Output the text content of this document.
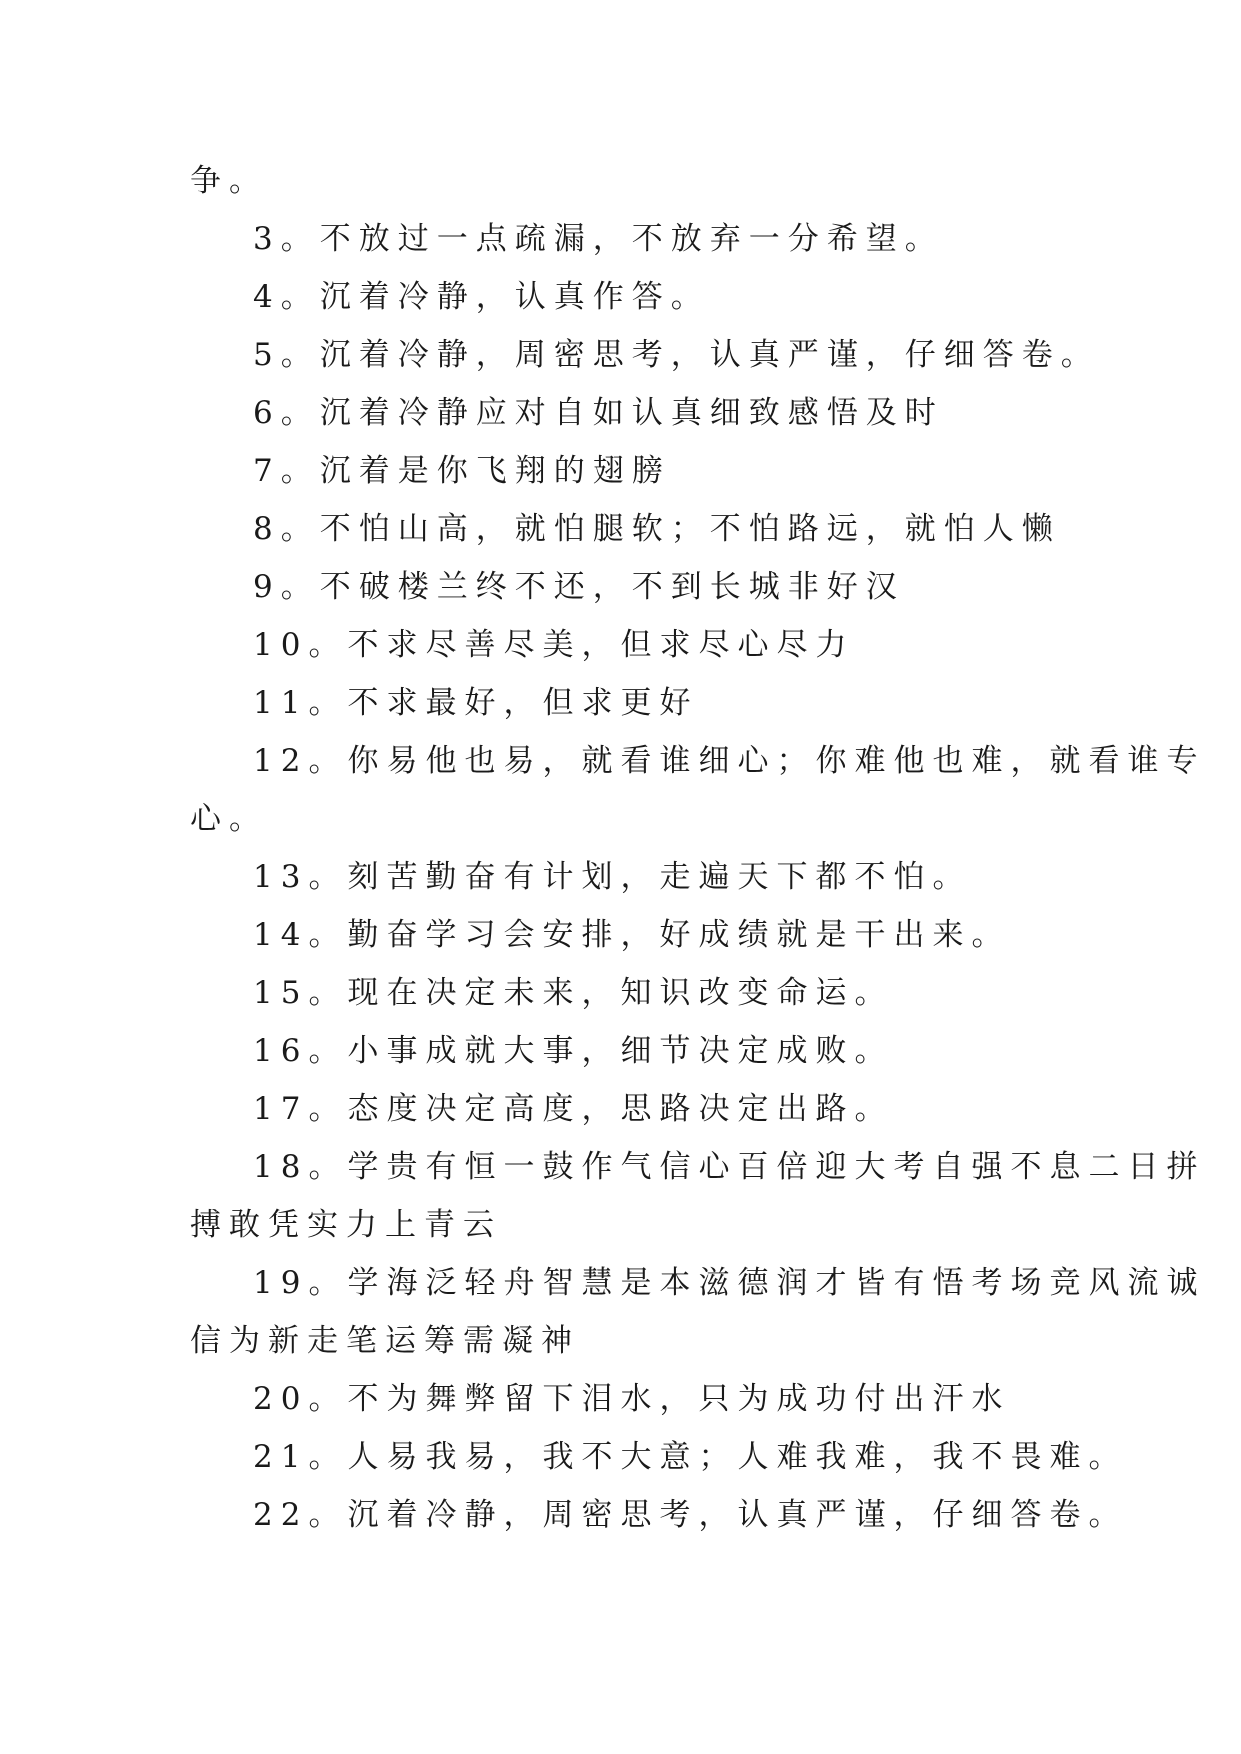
争。
3。不放过一点疏漏，不放弃一分希望。
4。沉着冷静，认真作答。
5。沉着冷静，周密思考，认真严谨，仔细答卷。
6。沉着冷静应对自如认真细致感悟及时
7。沉着是你飞翔的翅膀
8。不怕山高，就怕腿软；不怕路远，就怕人懒
9。不破楼兰终不还，不到长城非好汉
10。不求尽善尽美，但求尽心尽力
11。不求最好，但求更好
12。你易他也易，就看谁细心；你难他也难，就看谁专
心。
13。刻苦勤奋有计划，走遍天下都不怕。
14。勤奋学习会安排，好成绩就是干出来。
15。现在决定未来，知识改变命运。
16。小事成就大事，细节决定成败。
17。态度决定高度，思路决定出路。
18。学贵有恒一鼓作气信心百倍迎大考自强不息二日拼
搏敢凭实力上青云
19。学海泛轻舟智慧是本滋德润才皆有悟考场竞风流诚
信为新走笔运筹需凝神
20。不为舞弊留下泪水，只为成功付出汗水
21。人易我易，我不大意；人难我难，我不畏难。
22。沉着冷静，周密思考，认真严谨，仔细答卷。
